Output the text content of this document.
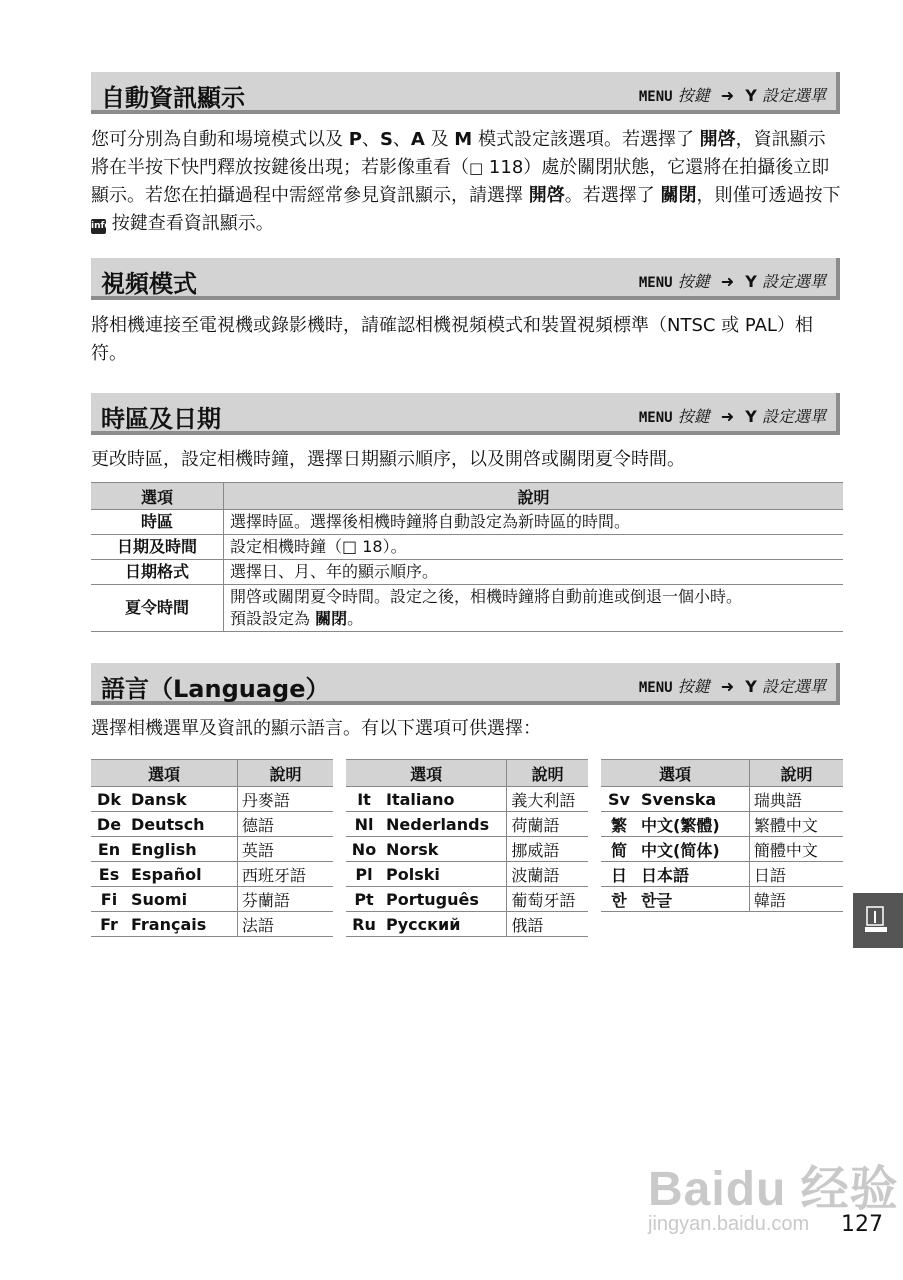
自動資訊顯示	MENU 按鍵 ➜ Y 設定選單
您可分別為自動和場境模式以及 P、S、A 及 M 模式設定該選項。若選擇了 開啓，資訊顯示將在半按下快門釋放按鍵後出現；若影像重看（□ 118）處於關閉狀態，它還將在拍攝後立即顯示。若您在拍攝過程中需經常參見資訊顯示，請選擇 開啓。若選擇了 關閉，則僅可透過按下 info 按鍵查看資訊顯示。
視頻模式	MENU 按鍵 ➜ Y 設定選單
將相機連接至電視機或錄影機時，請確認相機視頻模式和裝置視頻標準（NTSC 或 PAL）相符。
時區及日期	MENU 按鍵 ➜ Y 設定選單
更改時區，設定相機時鐘，選擇日期顯示順序，以及開啓或關閉夏令時間。
選項	說明
時區	選擇時區。選擇後相機時鐘將自動設定為新時區的時間。
日期及時間	設定相機時鐘（□ 18）。
日期格式	選擇日、月、年的顯示順序。
夏令時間	開啓或關閉夏令時間。設定之後，相機時鐘將自動前進或倒退一個小時。
預設設定為 關閉。
語言（Language）	MENU 按鍵 ➜ Y 設定選單
選擇相機選單及資訊的顯示語言。有以下選項可供選擇：
選項		說明
Dk	Dansk	丹麥語
De	Deutsch	德語
En	English	英語
Es	Español	西班牙語
Fi	Suomi	芬蘭語
Fr	Français	法語
選項		說明
It	Italiano	義大利語
Nl	Nederlands	荷蘭語
No	Norsk	挪威語
Pl	Polski	波蘭語
Pt	Português	葡萄牙語
Ru	Русский	俄語
選項		說明
Sv	Svenska	瑞典語
繁	中文(繁體)	繁體中文
简	中文(简体)	簡體中文
日	日本語	日語
한	한글	韓語
Baidu 经验
jingyan.baidu.com	127
